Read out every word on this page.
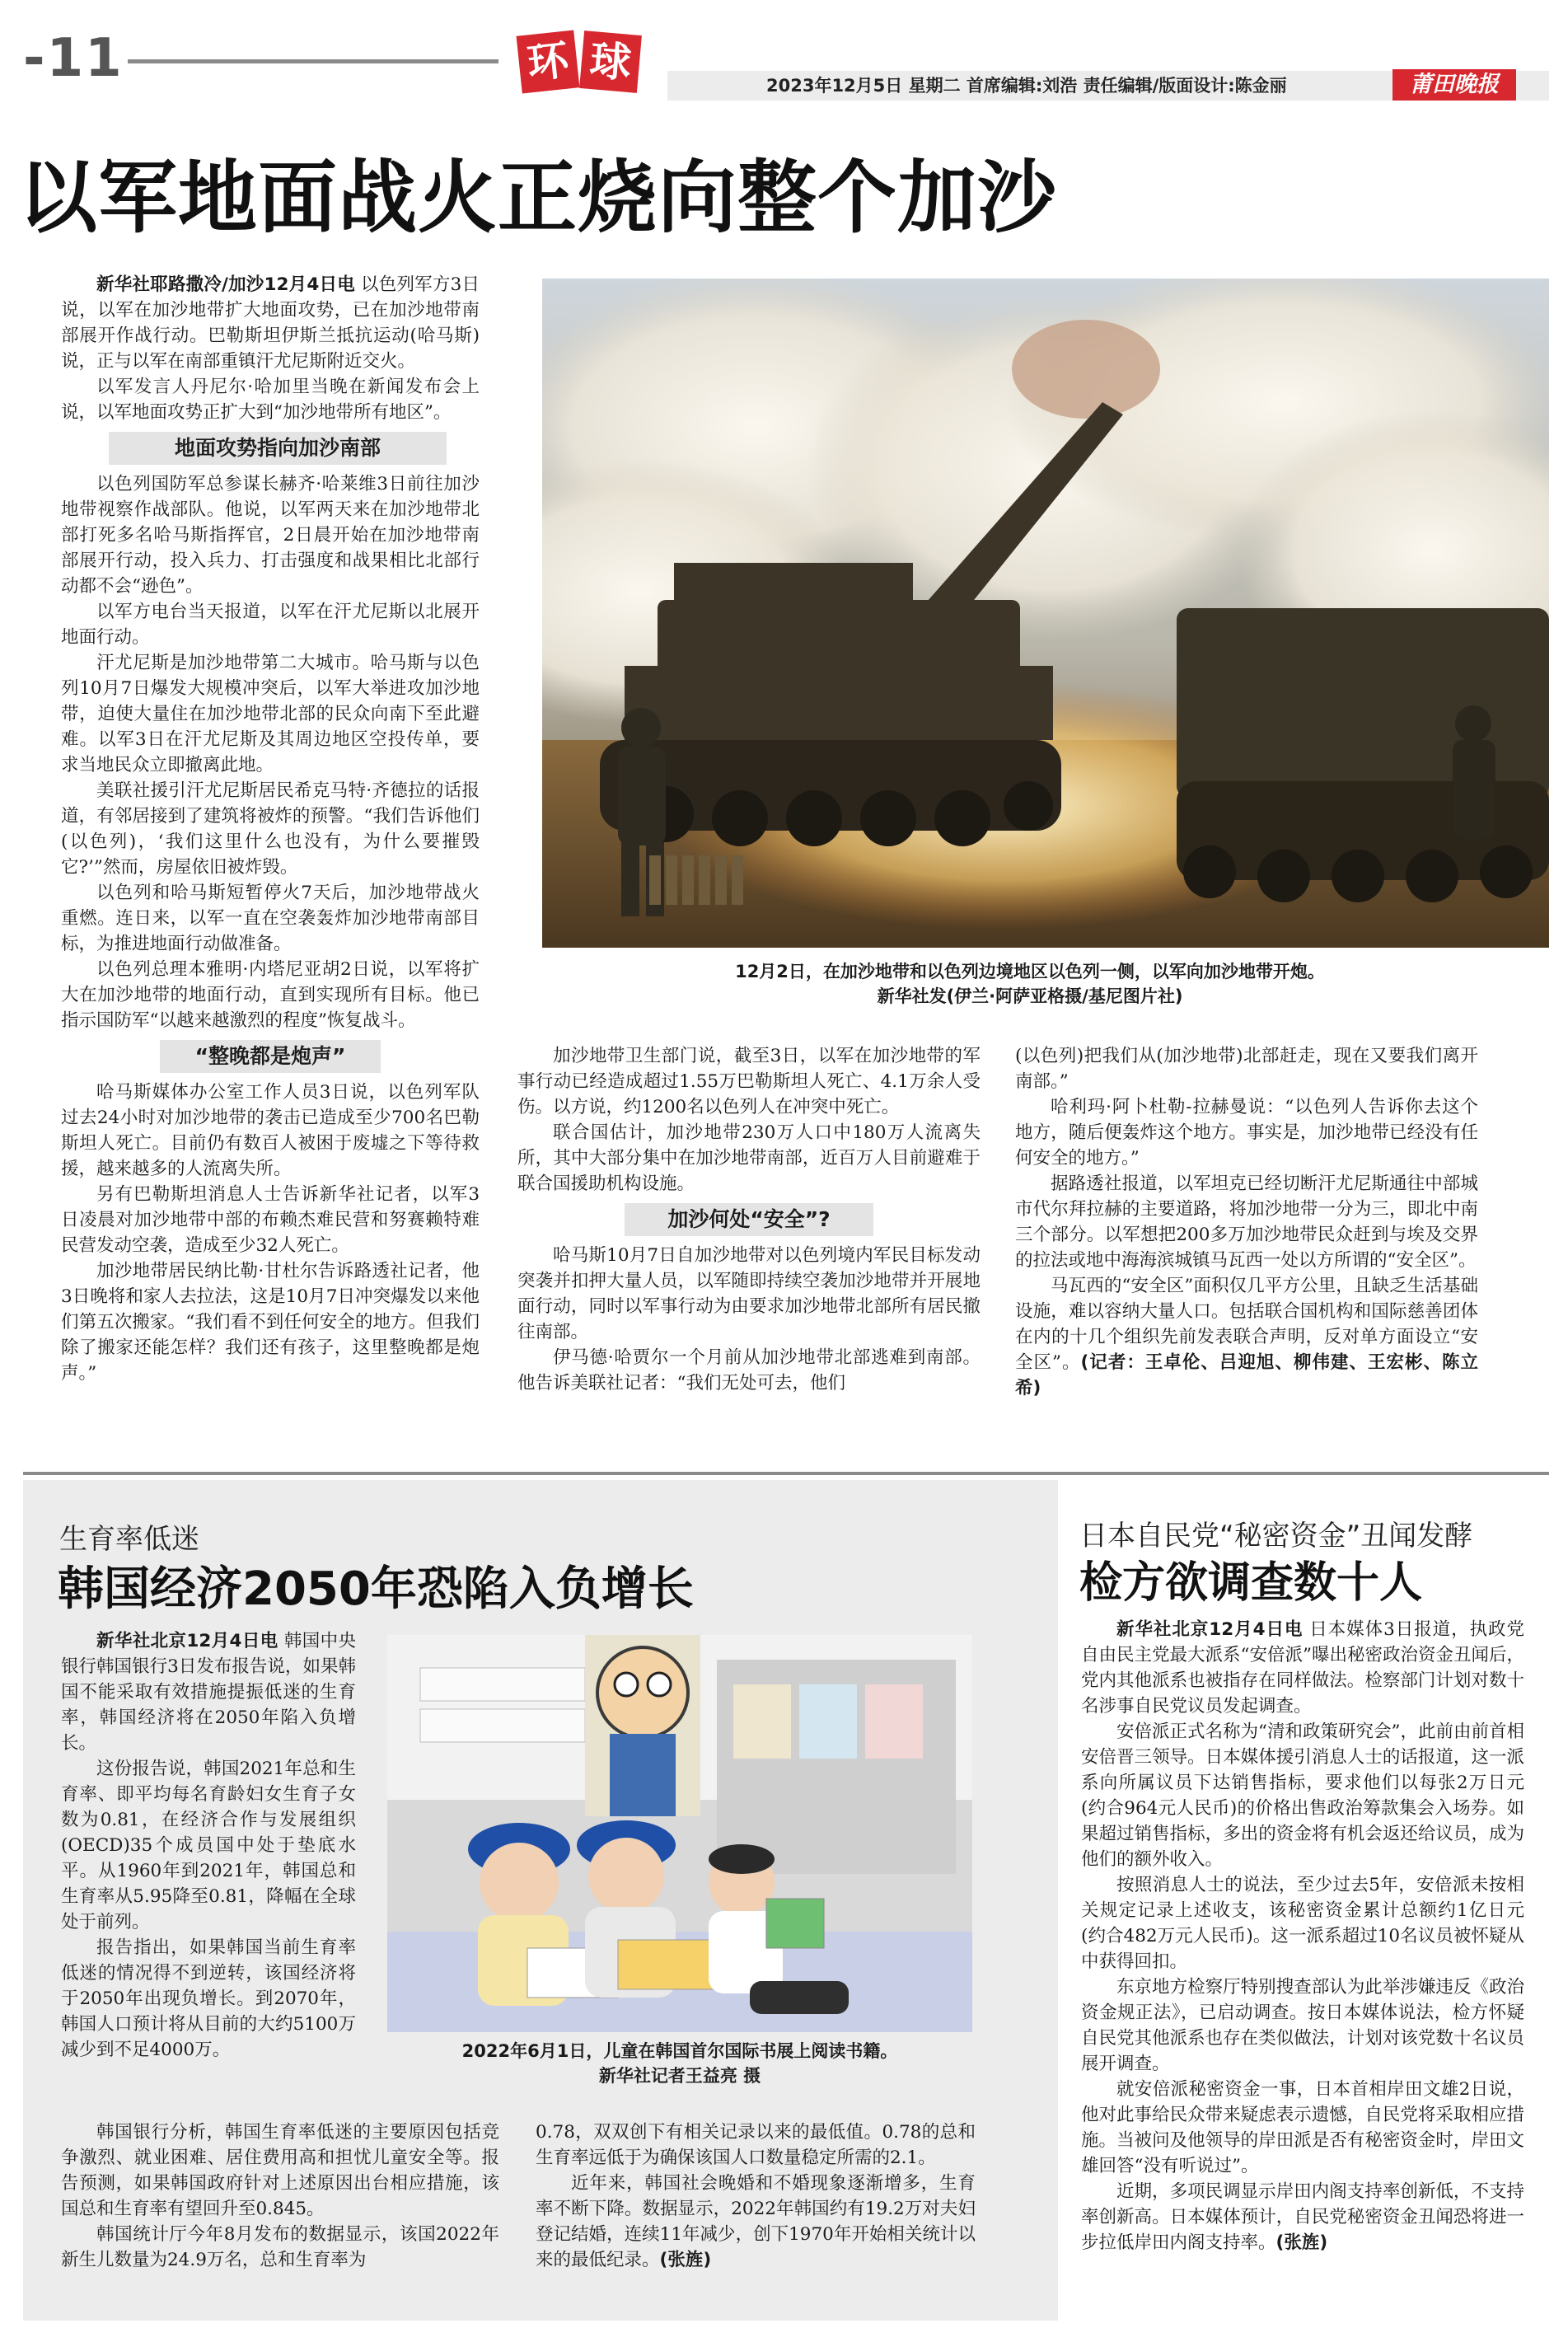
-11	环 球	2023年12月5日 星期二 首席编辑:刘浩 责任编辑/版面设计:陈金丽	莆田晚报
以军地面战火正烧向整个加沙

新华社耶路撒冷/加沙12月4日电 以色列军方3日说，以军在加沙地带扩大地面攻势，已在加沙地带南部展开作战行动。巴勒斯坦伊斯兰抵抗运动(哈马斯)说，正与以军在南部重镇汗尤尼斯附近交火。

以军发言人丹尼尔·哈加里当晚在新闻发布会上说，以军地面攻势正扩大到“加沙地带所有地区”。

地面攻势指向加沙南部

以色列国防军总参谋长赫齐·哈莱维3日前往加沙地带视察作战部队。他说，以军两天来在加沙地带北部打死多名哈马斯指挥官，2日晨开始在加沙地带南部展开行动，投入兵力、打击强度和战果相比北部行动都不会“逊色”。

以军方电台当天报道，以军在汗尤尼斯以北展开地面行动。

汗尤尼斯是加沙地带第二大城市。哈马斯与以色列10月7日爆发大规模冲突后，以军大举进攻加沙地带，迫使大量住在加沙地带北部的民众向南下至此避难。以军3日在汗尤尼斯及其周边地区空投传单，要求当地民众立即撤离此地。

美联社援引汗尤尼斯居民希克马特·齐德拉的话报道，有邻居接到了建筑将被炸的预警。“我们告诉他们(以色列)，‘我们这里什么也没有，为什么要摧毁它?’”然而，房屋依旧被炸毁。

以色列和哈马斯短暂停火7天后，加沙地带战火重燃。连日来，以军一直在空袭轰炸加沙地带南部目标，为推进地面行动做准备。

以色列总理本雅明·内塔尼亚胡2日说，以军将扩大在加沙地带的地面行动，直到实现所有目标。他已指示国防军“以越来越激烈的程度”恢复战斗。

“整晚都是炮声”

哈马斯媒体办公室工作人员3日说，以色列军队过去24小时对加沙地带的袭击已造成至少700名巴勒斯坦人死亡。目前仍有数百人被困于废墟之下等待救援，越来越多的人流离失所。

另有巴勒斯坦消息人士告诉新华社记者，以军3日凌晨对加沙地带中部的布赖杰难民营和努赛赖特难民营发动空袭，造成至少32人死亡。

加沙地带居民纳比勒·甘杜尔告诉路透社记者，他3日晚将和家人去拉法，这是10月7日冲突爆发以来他们第五次搬家。“我们看不到任何安全的地方。但我们除了搬家还能怎样？我们还有孩子，这里整晚都是炮声。”

12月2日，在加沙地带和以色列边境地区以色列一侧，以军向加沙地带开炮。
新华社发(伊兰·阿萨亚格摄/基尼图片社)

加沙地带卫生部门说，截至3日，以军在加沙地带的军事行动已经造成超过1.55万巴勒斯坦人死亡、4.1万余人受伤。以方说，约1200名以色列人在冲突中死亡。

联合国估计，加沙地带230万人口中180万人流离失所，其中大部分集中在加沙地带南部，近百万人目前避难于联合国援助机构设施。

加沙何处“安全”?

哈马斯10月7日自加沙地带对以色列境内军民目标发动突袭并扣押大量人员，以军随即持续空袭加沙地带并开展地面行动，同时以军事行动为由要求加沙地带北部所有居民撤往南部。

伊马德·哈贾尔一个月前从加沙地带北部逃难到南部。他告诉美联社记者：“我们无处可去，他们

(以色列)把我们从(加沙地带)北部赶走，现在又要我们离开南部。”

哈利玛·阿卜杜勒-拉赫曼说：“以色列人告诉你去这个地方，随后便轰炸这个地方。事实是，加沙地带已经没有任何安全的地方。”

据路透社报道，以军坦克已经切断汗尤尼斯通往中部城市代尔拜拉赫的主要道路，将加沙地带一分为三，即北中南三个部分。以军想把200多万加沙地带民众赶到与埃及交界的拉法或地中海海滨城镇马瓦西一处以方所谓的“安全区”。

马瓦西的“安全区”面积仅几平方公里，且缺乏生活基础设施，难以容纳大量人口。包括联合国机构和国际慈善团体在内的十几个组织先前发表联合声明，反对单方面设立“安全区”。(记者：王卓伦、吕迎旭、柳伟建、王宏彬、陈立希)

生育率低迷
韩国经济2050年恐陷入负增长

新华社北京12月4日电 韩国中央银行韩国银行3日发布报告说，如果韩国不能采取有效措施提振低迷的生育率，韩国经济将在2050年陷入负增长。

这份报告说，韩国2021年总和生育率、即平均每名育龄妇女生育子女数为0.81，在经济合作与发展组织(OECD)35个成员国中处于垫底水平。从1960年到2021年，韩国总和生育率从5.95降至0.81，降幅在全球处于前列。

报告指出，如果韩国当前生育率低迷的情况得不到逆转，该国经济将于2050年出现负增长。到2070年，韩国人口预计将从目前的大约5100万减少到不足4000万。

韩国银行分析，韩国生育率低迷的主要原因包括竞争激烈、就业困难、居住费用高和担忧儿童安全等。报告预测，如果韩国政府针对上述原因出台相应措施，该国总和生育率有望回升至0.845。

韩国统计厅今年8月发布的数据显示，该国2022年新生儿数量为24.9万名，总和生育率为

0.78，双双创下有相关记录以来的最低值。0.78的总和生育率远低于为确保该国人口数量稳定所需的2.1。

近年来，韩国社会晚婚和不婚现象逐渐增多，生育率不断下降。数据显示，2022年韩国约有19.2万对夫妇登记结婚，连续11年减少，创下1970年开始相关统计以来的最低纪录。(张旌)

2022年6月1日，儿童在韩国首尔国际书展上阅读书籍。
新华社记者王益亮 摄
日本自民党“秘密资金”丑闻发酵
检方欲调查数十人

新华社北京12月4日电 日本媒体3日报道，执政党自由民主党最大派系“安倍派”曝出秘密政治资金丑闻后，党内其他派系也被指存在同样做法。检察部门计划对数十名涉事自民党议员发起调查。

安倍派正式名称为“清和政策研究会”，此前由前首相安倍晋三领导。日本媒体援引消息人士的话报道，这一派系向所属议员下达销售指标，要求他们以每张2万日元(约合964元人民币)的价格出售政治筹款集会入场券。如果超过销售指标，多出的资金将有机会返还给议员，成为他们的额外收入。

按照消息人士的说法，至少过去5年，安倍派未按相关规定记录上述收支，该秘密资金累计总额约1亿日元(约合482万元人民币)。这一派系超过10名议员被怀疑从中获得回扣。

东京地方检察厅特别搜查部认为此举涉嫌违反《政治资金规正法》，已启动调查。按日本媒体说法，检方怀疑自民党其他派系也存在类似做法，计划对该党数十名议员展开调查。

就安倍派秘密资金一事，日本首相岸田文雄2日说，他对此事给民众带来疑虑表示遗憾，自民党将采取相应措施。当被问及他领导的岸田派是否有秘密资金时，岸田文雄回答“没有听说过”。

近期，多项民调显示岸田内阁支持率创新低，不支持率创新高。日本媒体预计，自民党秘密资金丑闻恐将进一步拉低岸田内阁支持率。(张旌)
